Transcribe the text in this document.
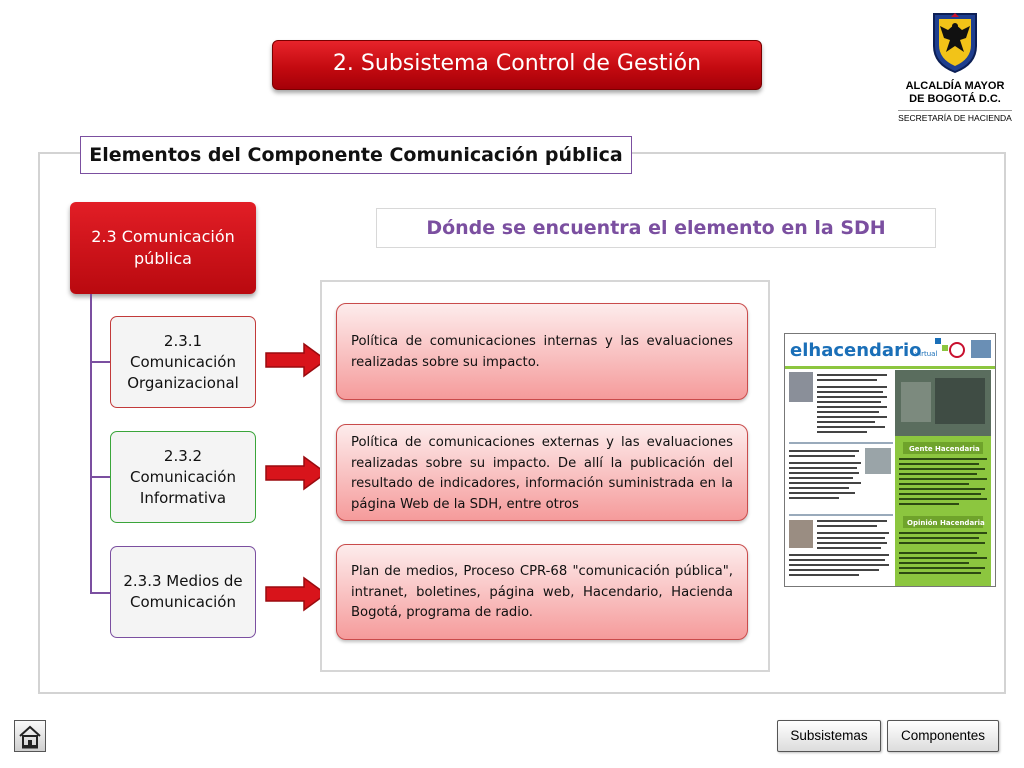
2. Subsistema Control de Gestión
ALCALDÍA MAYOR
DE BOGOTÁ D.C.
SECRETARÍA DE HACIENDA
Elementos del Componente Comunicación pública
2.3 Comunicación pública
2.3.1 Comunicación Organizacional
2.3.2 Comunicación Informativa
2.3.3 Medios de Comunicación
Dónde se encuentra el elemento en la SDH
Política de comunicaciones internas y las evaluaciones realizadas sobre su impacto.
Política de comunicaciones externas y las evaluaciones realizadas sobre su impacto. De allí la publicación del resultado de indicadores, información suministrada en la página Web de la SDH, entre otros
Plan de medios, Proceso CPR-68 "comunicación pública", intranet, boletines, página web, Hacendario, Hacienda Bogotá, programa de radio.
elhacendario
virtual
Gente Hacendaria
Opinión Hacendaria
Subsistemas	Componentes
